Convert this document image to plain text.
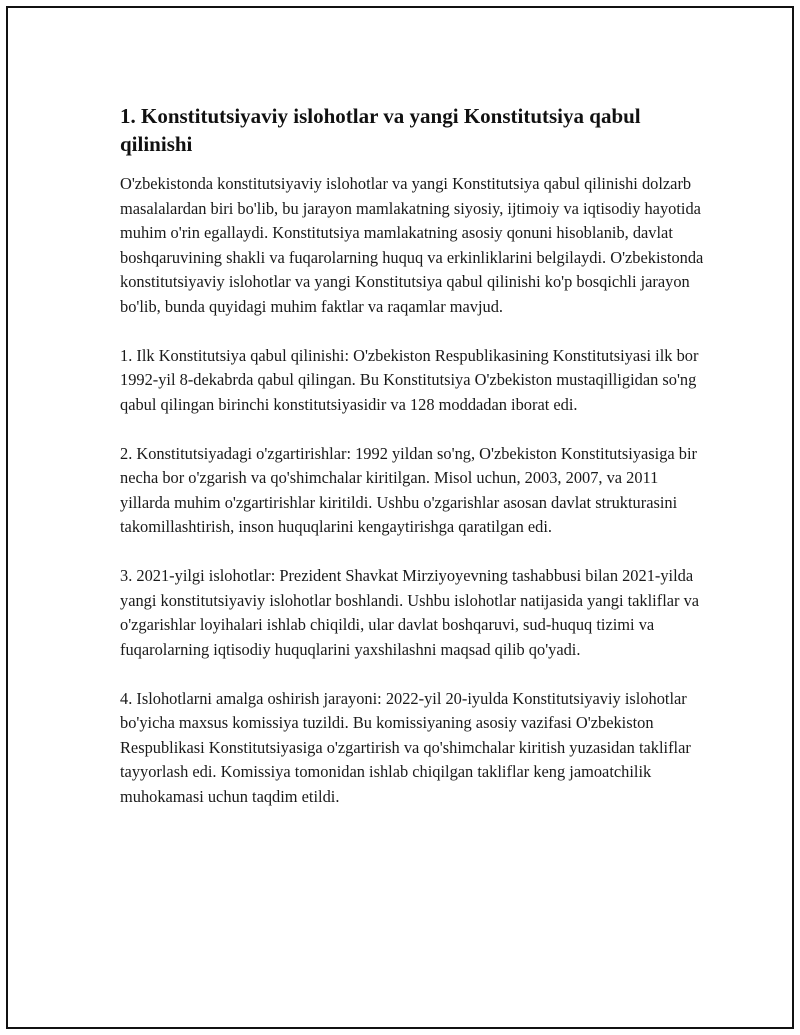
1. Konstitutsiyaviy islohotlar va yangi Konstitutsiya qabul qilinishi

O'zbekistonda konstitutsiyaviy islohotlar va yangi Konstitutsiya qabul qilinishi dolzarb masalalardan biri bo'lib, bu jarayon mamlakatning siyosiy, ijtimoiy va iqtisodiy hayotida muhim o'rin egallaydi. Konstitutsiya mamlakatning asosiy qonuni hisoblanib, davlat boshqaruvining shakli va fuqarolarning huquq va erkinliklarini belgilaydi. O'zbekistonda konstitutsiyaviy islohotlar va yangi Konstitutsiya qabul qilinishi ko'p bosqichli jarayon bo'lib, bunda quyidagi muhim faktlar va raqamlar mavjud.

1. Ilk Konstitutsiya qabul qilinishi: O'zbekiston Respublikasining Konstitutsiyasi ilk bor 1992-yil 8-dekabrda qabul qilingan. Bu Konstitutsiya O'zbekiston mustaqilligidan so'ng qabul qilingan birinchi konstitutsiyasidir va 128 moddadan iborat edi.

2. Konstitutsiyadagi o'zgartirishlar: 1992 yildan so'ng, O'zbekiston Konstitutsiyasiga bir necha bor o'zgarish va qo'shimchalar kiritilgan. Misol uchun, 2003, 2007, va 2011 yillarda muhim o'zgartirishlar kiritildi. Ushbu o'zgarishlar asosan davlat strukturasini takomillashtirish, inson huquqlarini kengaytirishga qaratilgan edi.

3. 2021-yilgi islohotlar: Prezident Shavkat Mirziyoyevning tashabbusi bilan 2021-yilda yangi konstitutsiyaviy islohotlar boshlandi. Ushbu islohotlar natijasida yangi takliflar va o'zgarishlar loyihalari ishlab chiqildi, ular davlat boshqaruvi, sud-huquq tizimi va fuqarolarning iqtisodiy huquqlarini yaxshilashni maqsad qilib qo'yadi.

4. Islohotlarni amalga oshirish jarayoni: 2022-yil 20-iyulda Konstitutsiyaviy islohotlar bo'yicha maxsus komissiya tuzildi. Bu komissiyaning asosiy vazifasi O'zbekiston Respublikasi Konstitutsiyasiga o'zgartirish va qo'shimchalar kiritish yuzasidan takliflar tayyorlash edi. Komissiya tomonidan ishlab chiqilgan takliflar keng jamoatchilik muhokamasi uchun taqdim etildi.
